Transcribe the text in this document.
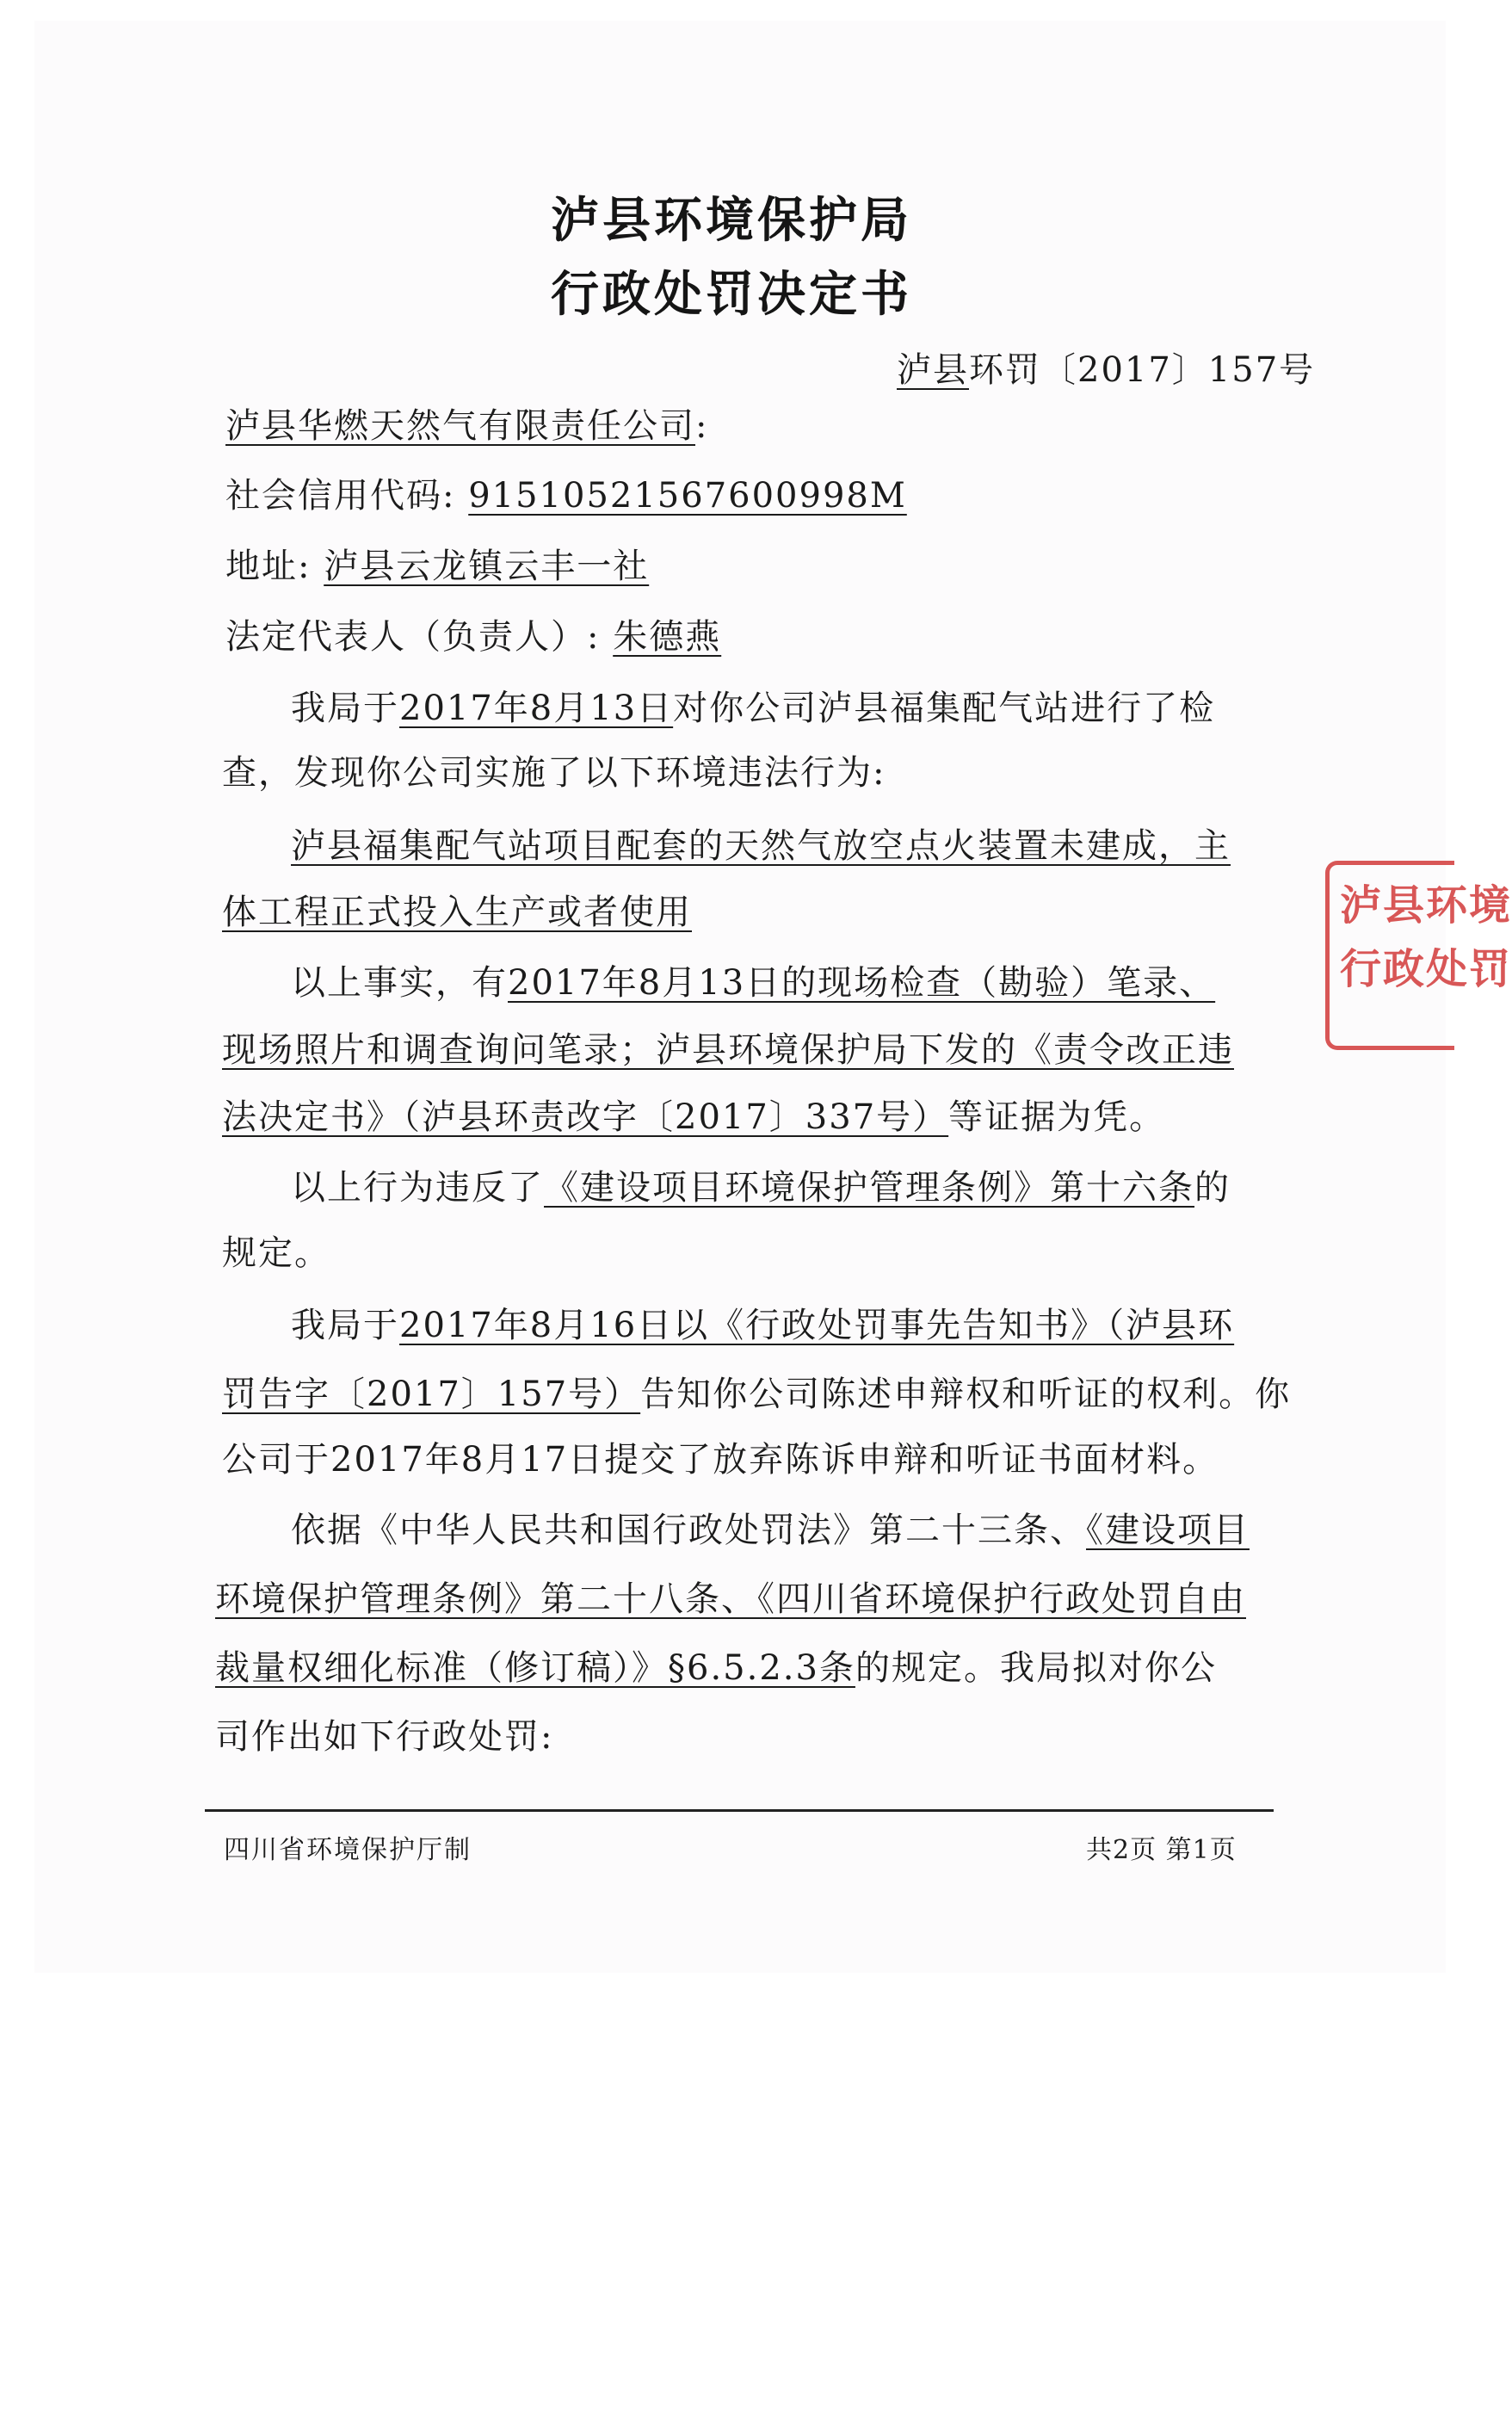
泸县环境保护局
行政处罚决定书
泸县环罚〔2017〕157号
泸县华燃天然气有限责任公司:
社会信用代码: 9151052156760099​8M
地址: 泸县云龙镇云丰一社
法定代表人（负责人）: 朱德燕
我局于2017年8月13日对你公司泸县福集配气站进行了检
查，发现你公司实施了以下环境违法行为:
泸县福集配气站项目配套的天然气放空点火装置未建成，主
体工程正式投入生产或者使用
以上事实，有2017年8月13日的现场检查（勘验）笔录、
现场照片和调查询问笔录；泸县环境保护局下发的《责令改正违
法决定书》（泸县环责改字〔2017〕337号）等证据为凭。
以上行为违反了《建设项目环境保护管理条例》第十六条的
规定。
我局于2017年8月16日以《行政处罚事先告知书》（泸县环
罚告字〔2017〕157号）告知你公司陈述申辩权和听证的权利。你
公司于2017年8月17日提交了放弃陈诉申辩和听证书面材料。
依据《中华人民共和国行政处罚法》第二十三条、《建设项目
环境保护管理条例》第二十八条、《四川省环境保护行政处罚自由
裁量权细化标准（修订稿）》§6.5.2.3条的规定。我局拟对你公
司作出如下行政处罚:
泸县环境
行政处罚
四川省环境保护厅制	共2页 第1页
